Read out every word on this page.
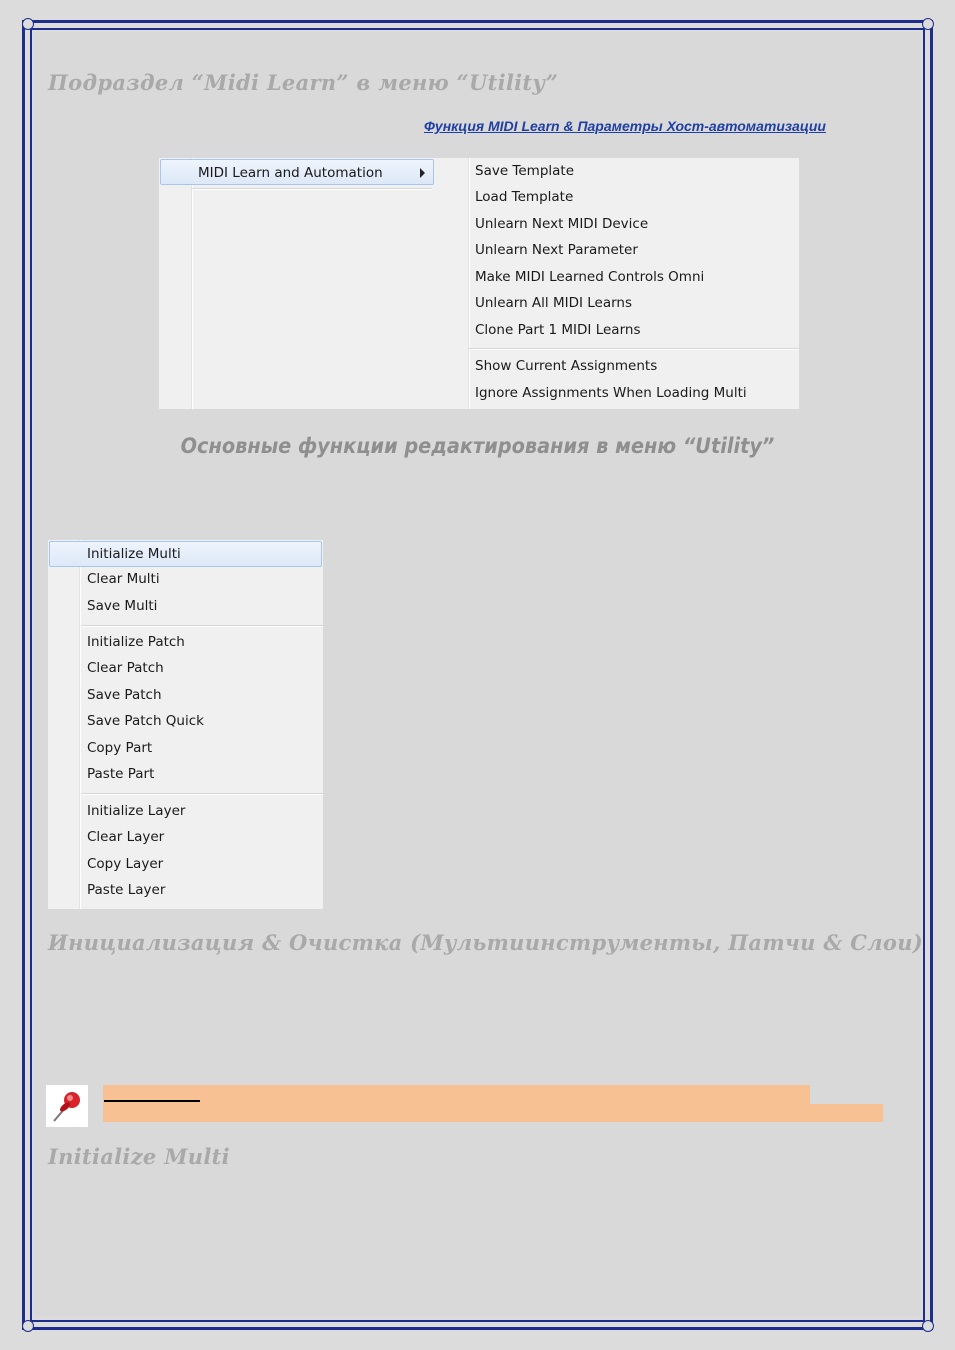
Подраздел “Midi Learn” в меню “Utility”
Функция MIDI Learn & Параметры Хост-автоматизации
MIDI Learn and Automation	Save Template
Load Template
Unlearn Next MIDI Device
Unlearn Next Parameter
Make MIDI Learned Controls Omni
Unlearn All MIDI Learns
Clone Part 1 MIDI Learns
Show Current Assignments
Ignore Assignments When Loading Multi
Основные функции редактирования в меню “Utility”
Initialize Multi
Clear Multi
Save Multi
Initialize Patch
Clear Patch
Save Patch
Save Patch Quick
Copy Part
Paste Part
Initialize Layer
Clear Layer
Copy Layer
Paste Layer
Инициализация & Очистка (Мультиинструменты, Патчи & Слои)
Initialize Multi
